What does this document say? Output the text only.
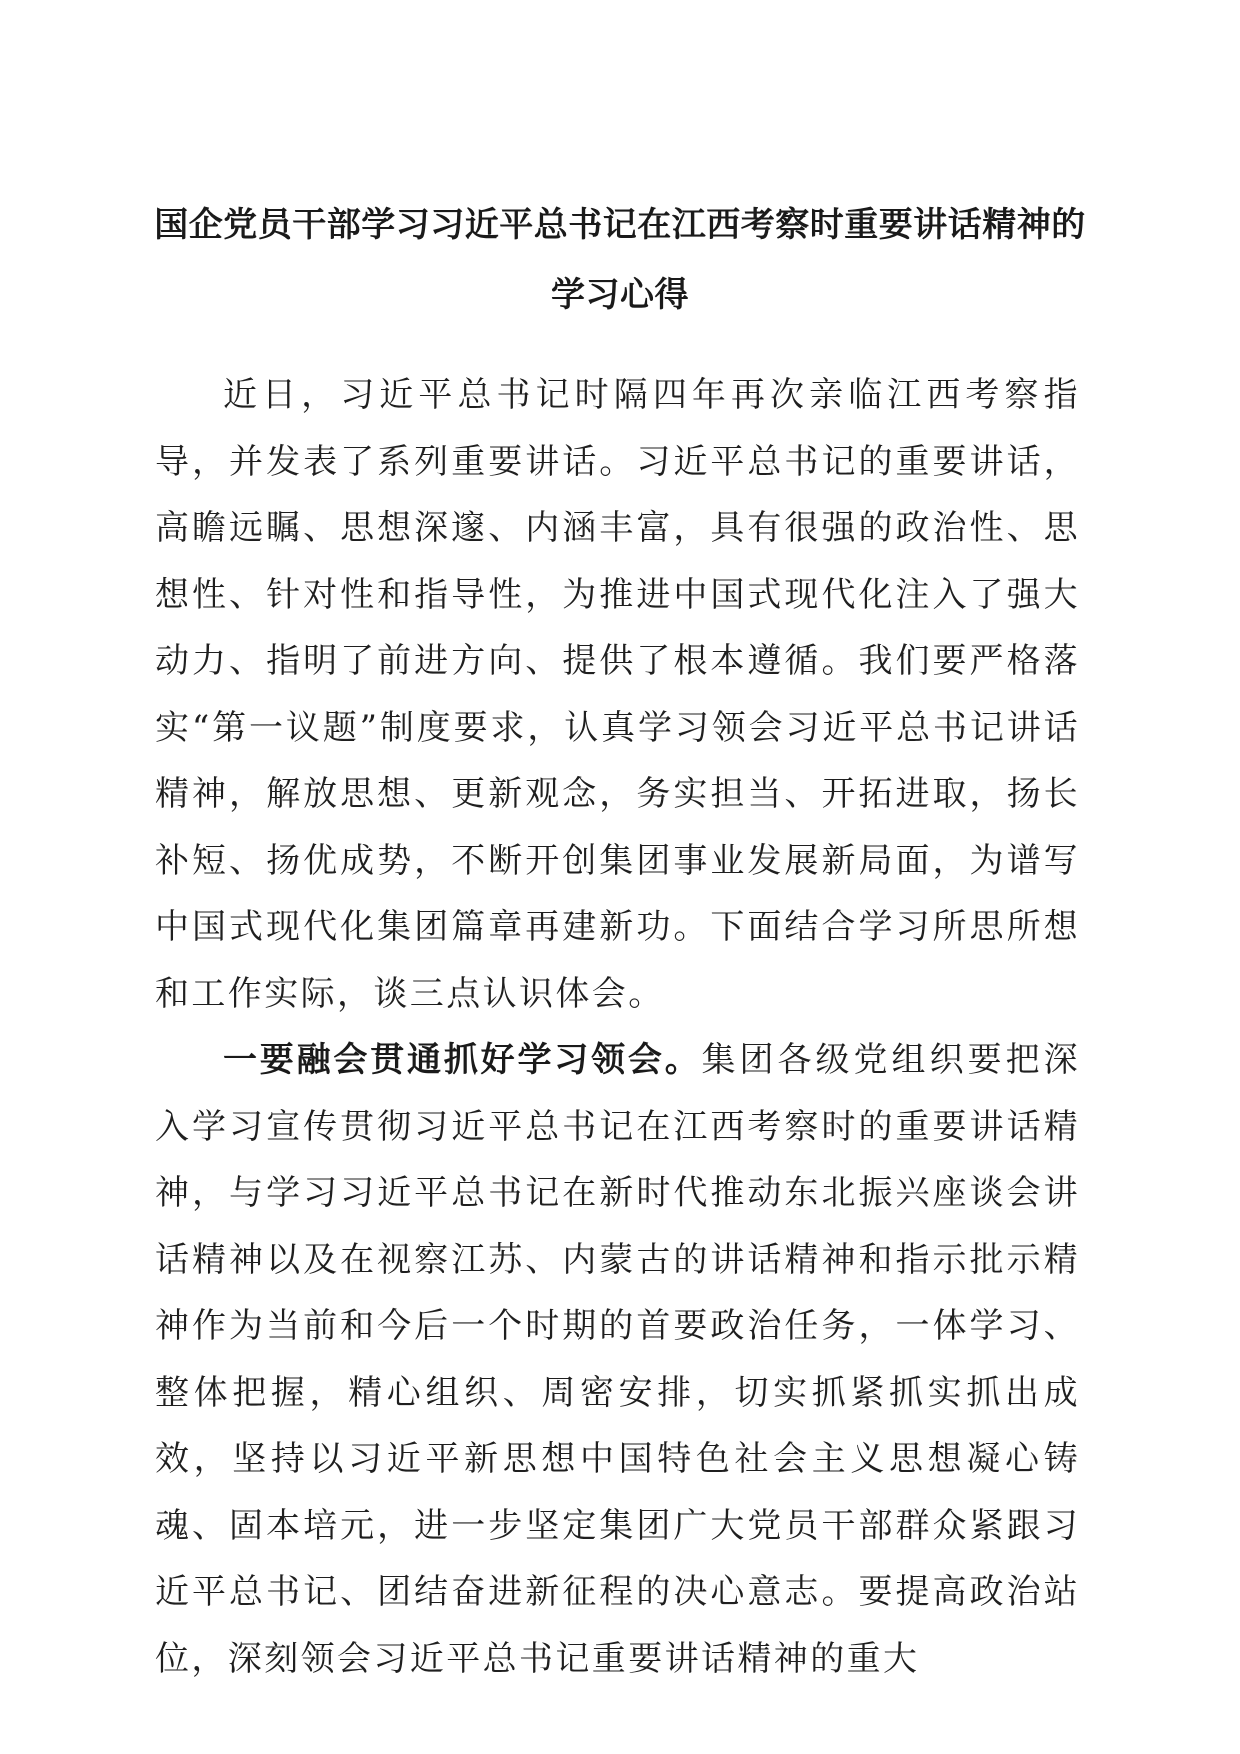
国企党员干部学习习近平总书记在江西考察时重要讲话精神的
学习心得

近日，习近平总书记时隔四年再次亲临江西考察指导，并发表了系列重要讲话。习近平总书记的重要讲话，高瞻远瞩、思想深邃、内涵丰富，具有很强的政治性、思想性、针对性和指导性，为推进中国式现代化注入了强大动力、指明了前进方向、提供了根本遵循。我们要严格落实“第一议题”制度要求，认真学习领会习近平总书记讲话精神，解放思想、更新观念，务实担当、开拓进取，扬长补短、扬优成势，不断开创集团事业发展新局面，为谱写中国式现代化集团篇章再建新功。下面结合学习所思所想和工作实际，谈三点认识体会。

一要融会贯通抓好学习领会。集团各级党组织要把深入学习宣传贯彻习近平总书记在江西考察时的重要讲话精神，与学习习近平总书记在新时代推动东北振兴座谈会讲话精神以及在视察江苏、内蒙古的讲话精神和指示批示精神作为当前和今后一个时期的首要政治任务，一体学习、整体把握，精心组织、周密安排，切实抓紧抓实抓出成效，坚持以习近平新思想中国特色社会主义思想凝心铸魂、固本培元，进一步坚定集团广大党员干部群众紧跟习近平总书记、团结奋进新征程的决心意志。要提高政治站位，深刻领会习近平总书记重要讲话精神的重大
